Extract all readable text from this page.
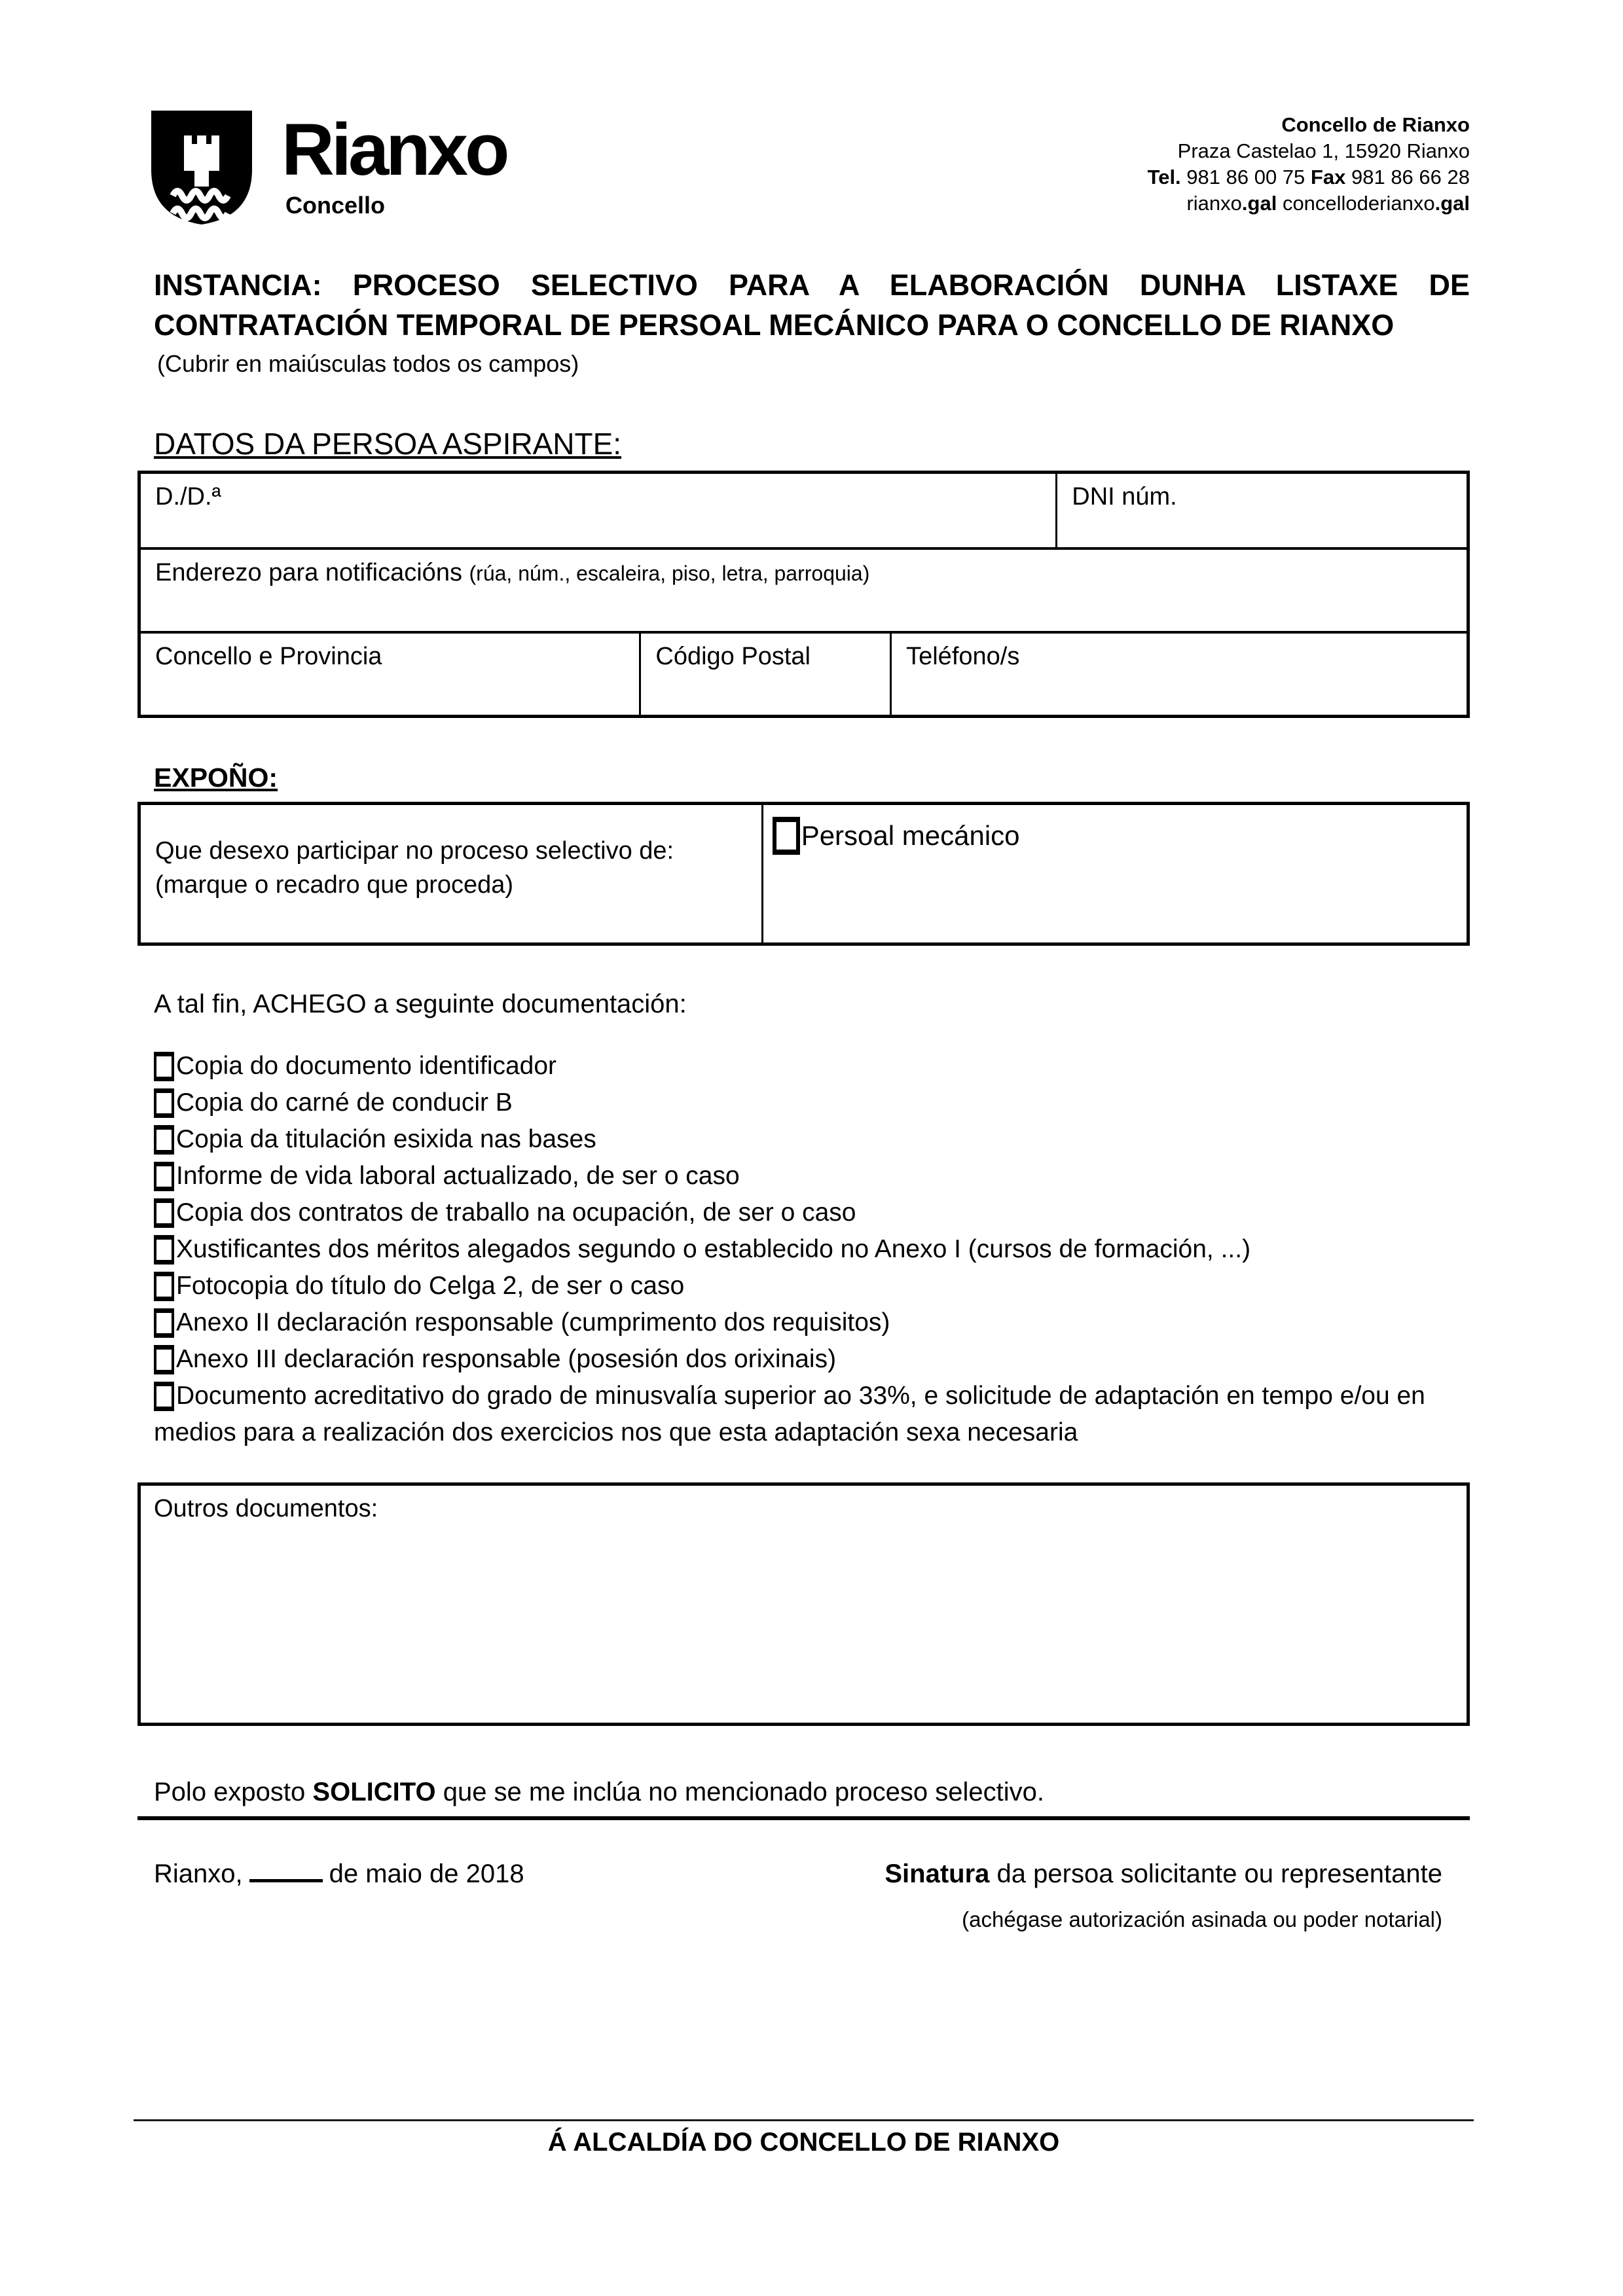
Rianxo
Concello
Concello de Rianxo
Praza Castelao 1, 15920 Rianxo
Tel. 981 86 00 75 Fax 981 86 66 28
rianxo.gal concelloderianxo.gal
INSTANCIA: PROCESO SELECTIVO PARA A ELABORACIÓN DUNHA LISTAXE DE
CONTRATACIÓN TEMPORAL DE PERSOAL MECÁNICO PARA O CONCELLO DE RIANXO
(Cubrir en maiúsculas todos os campos)
DATOS DA PERSOA ASPIRANTE:
D./D.ª	DNI núm.
Enderezo para notificacións (rúa, núm., escaleira, piso, letra, parroquia)
Concello e Provincia	Código Postal	Teléfono/s
EXPOÑO:
Que desexo participar no proceso selectivo de:
(marque o recadro que proceda)
Persoal mecánico
A tal fin, ACHEGO a seguinte documentación:
Copia do documento identificador
Copia do carné de conducir B
Copia da titulación esixida nas bases
Informe de vida laboral actualizado, de ser o caso
Copia dos contratos de traballo na ocupación, de ser o caso
Xustificantes dos méritos alegados segundo o establecido no Anexo I (cursos de formación, ...)
Fotocopia do título do Celga 2, de ser o caso
Anexo II declaración responsable (cumprimento dos requisitos)
Anexo III declaración responsable (posesión dos orixinais)
Documento acreditativo do grado de minusvalía superior ao 33%, e solicitude de adaptación en tempo e/ou en medios para a realización dos exercicios nos que esta adaptación sexa necesaria
Outros documentos:
Polo exposto SOLICITO que se me inclúa no mencionado proceso selectivo.
Rianxo,	de maio de 2018	Sinatura da persoa solicitante ou representante
(achégase autorización asinada ou poder notarial)
Á ALCALDÍA DO CONCELLO DE RIANXO
